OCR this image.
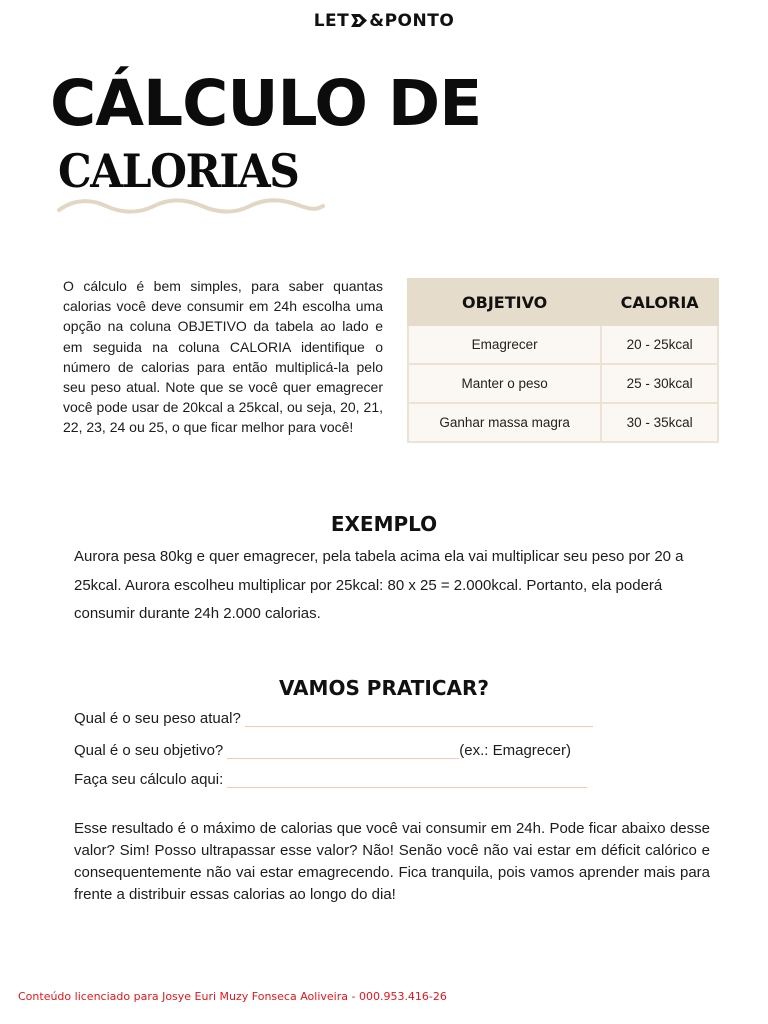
LET &PONTO
CÁLCULO DE
CALORIAS

O cálculo é bem simples, para saber quantas calorias você deve consumir em 24h escolha uma opção na coluna OBJETIVO da tabela ao lado e em seguida na coluna CALORIA identifique o número de calorias para então multiplicá-la pelo seu peso atual. Note que se você quer emagrecer você pode usar de 20kcal a 25kcal, ou seja, 20, 21, 22, 23, 24 ou 25, o que ficar melhor para você!

OBJETIVO	CALORIA
Emagrecer	20 - 25kcal
Manter o peso	25 - 30kcal
Ganhar massa magra	30 - 35kcal
EXEMPLO

Aurora pesa 80kg e quer emagrecer, pela tabela acima ela vai multiplicar seu peso por 20 a 25kcal. Aurora escolheu multiplicar por 25kcal: 80 x 25 = 2.000kcal. Portanto, ela poderá consumir durante 24h 2.000 calorias.

VAMOS PRATICAR?
Qual é o seu peso atual?
Qual é o seu objetivo?	(ex.: Emagrecer)
Faça seu cálculo aqui:

Esse resultado é o máximo de calorias que você vai consumir em 24h. Pode ficar abaixo desse valor? Sim! Posso ultrapassar esse valor? Não! Senão você não vai estar em déficit calórico e consequentemente não vai estar emagrecendo. Fica tranquila, pois vamos aprender mais para frente a distribuir essas calorias ao longo do dia!

Conteúdo licenciado para Josye Euri Muzy Fonseca Aoliveira - 000.953.416-26
